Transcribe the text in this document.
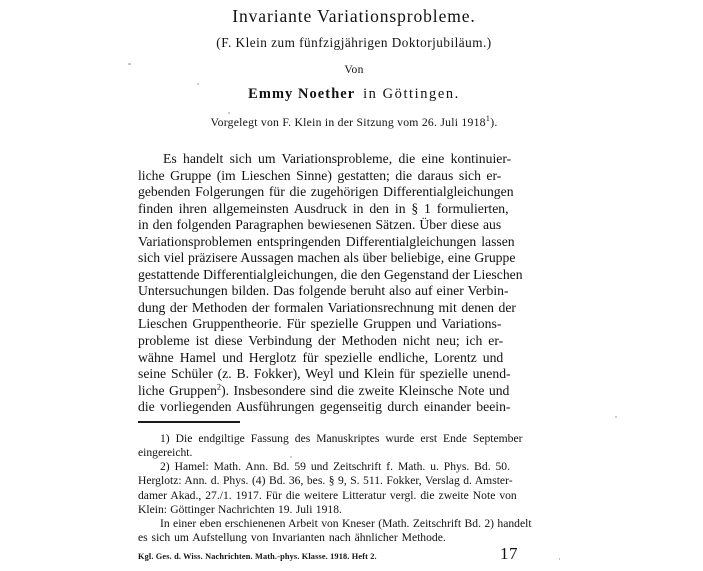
Invariante Variationsprobleme.
(F. Klein zum fünfzigjährigen Doktorjubiläum.)
Von
Emmy Noether in Göttingen.
Vorgelegt von F. Klein in der Sitzung vom 26. Juli 1918$^1$).
Es handelt sich um Variationsprobleme, die eine kontinuier-
liche Gruppe (im Lieschen Sinne) gestatten; die daraus sich er-
gebenden Folgerungen für die zugehörigen Differentialgleichungen
finden ihren allgemeinsten Ausdruck in den in § 1 formulierten,
in den folgenden Paragraphen bewiesenen Sätzen. Über diese aus
Variationsproblemen entspringenden Differentialgleichungen lassen
sich viel präzisere Aussagen machen als über beliebige, eine Gruppe
gestattende Differentialgleichungen, die den Gegenstand der Lieschen
Untersuchungen bilden. Das folgende beruht also auf einer Verbin-
dung der Methoden der formalen Variationsrechnung mit denen der
Lieschen Gruppentheorie. Für spezielle Gruppen und Variations-
probleme ist diese Verbindung der Methoden nicht neu; ich er-
wähne Hamel und Herglotz für spezielle endliche, Lorentz und
seine Schüler (z. B. Fokker), Weyl und Klein für spezielle unend-
liche Gruppen$^2$). Insbesondere sind die zweite Kleinsche Note und
die vorliegenden Ausführungen gegenseitig durch einander beein-
1) Die endgiltige Fassung des Manuskriptes wurde erst Ende September
eingereicht.
2) Hamel: Math. Ann. Bd. 59 und Zeitschrift f. Math. u. Phys. Bd. 50.
Herglotz: Ann. d. Phys. (4) Bd. 36, bes. § 9, S. 511. Fokker, Verslag d. Amster-
damer Akad., 27./1. 1917. Für die weitere Litteratur vergl. die zweite Note von
Klein: Göttinger Nachrichten 19. Juli 1918.
In einer eben erschienenen Arbeit von Kneser (Math. Zeitschrift Bd. 2) handelt
es sich um Aufstellung von Invarianten nach ähnlicher Methode.
Kgl. Ges. d. Wiss. Nachrichten. Math.-phys. Klasse. 1918. Heft 2.	17	·
